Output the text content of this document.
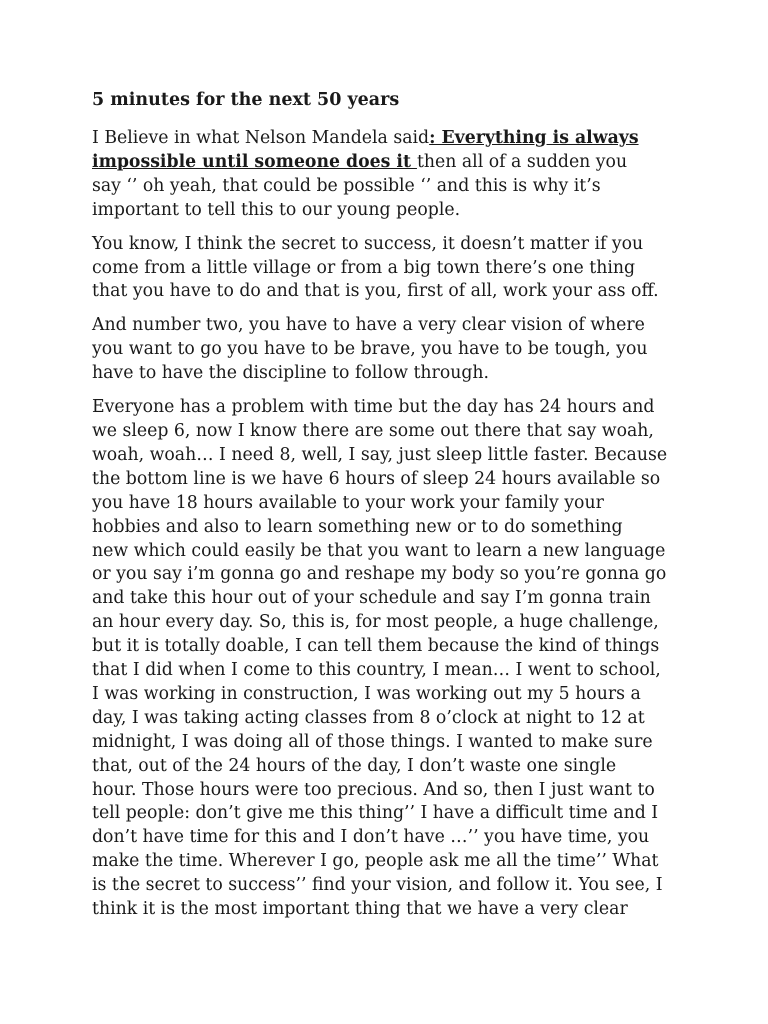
5 minutes for the next 50 years
I Believe in what Nelson Mandela said: Everything is always
impossible until someone does it then all of a sudden you
say ‘’ oh yeah, that could be possible ‘’ and this is why it’s
important to tell this to our young people.
You know, I think the secret to success, it doesn’t matter if you
come from a little village or from a big town there’s one thing
that you have to do and that is you, first of all, work your ass off.
And number two, you have to have a very clear vision of where
you want to go you have to be brave, you have to be tough, you
have to have the discipline to follow through.
Everyone has a problem with time but the day has 24 hours and
we sleep 6, now I know there are some out there that say woah,
woah, woah… I need 8, well, I say, just sleep little faster. Because
the bottom line is we have 6 hours of sleep 24 hours available so
you have 18 hours available to your work your family your
hobbies and also to learn something new or to do something
new which could easily be that you want to learn a new language
or you say i’m gonna go and reshape my body so you’re gonna go
and take this hour out of your schedule and say I’m gonna train
an hour every day. So, this is, for most people, a huge challenge,
but it is totally doable, I can tell them because the kind of things
that I did when I come to this country, I mean… I went to school,
I was working in construction, I was working out my 5 hours a
day, I was taking acting classes from 8 o’clock at night to 12 at
midnight, I was doing all of those things. I wanted to make sure
that, out of the 24 hours of the day, I don’t waste one single
hour. Those hours were too precious. And so, then I just want to
tell people: don’t give me this thing’’ I have a difficult time and I
don’t have time for this and I don’t have …’’ you have time, you
make the time. Wherever I go, people ask me all the time’’ What
is the secret to success’’ find your vision, and follow it. You see, I
think it is the most important thing that we have a very clear
